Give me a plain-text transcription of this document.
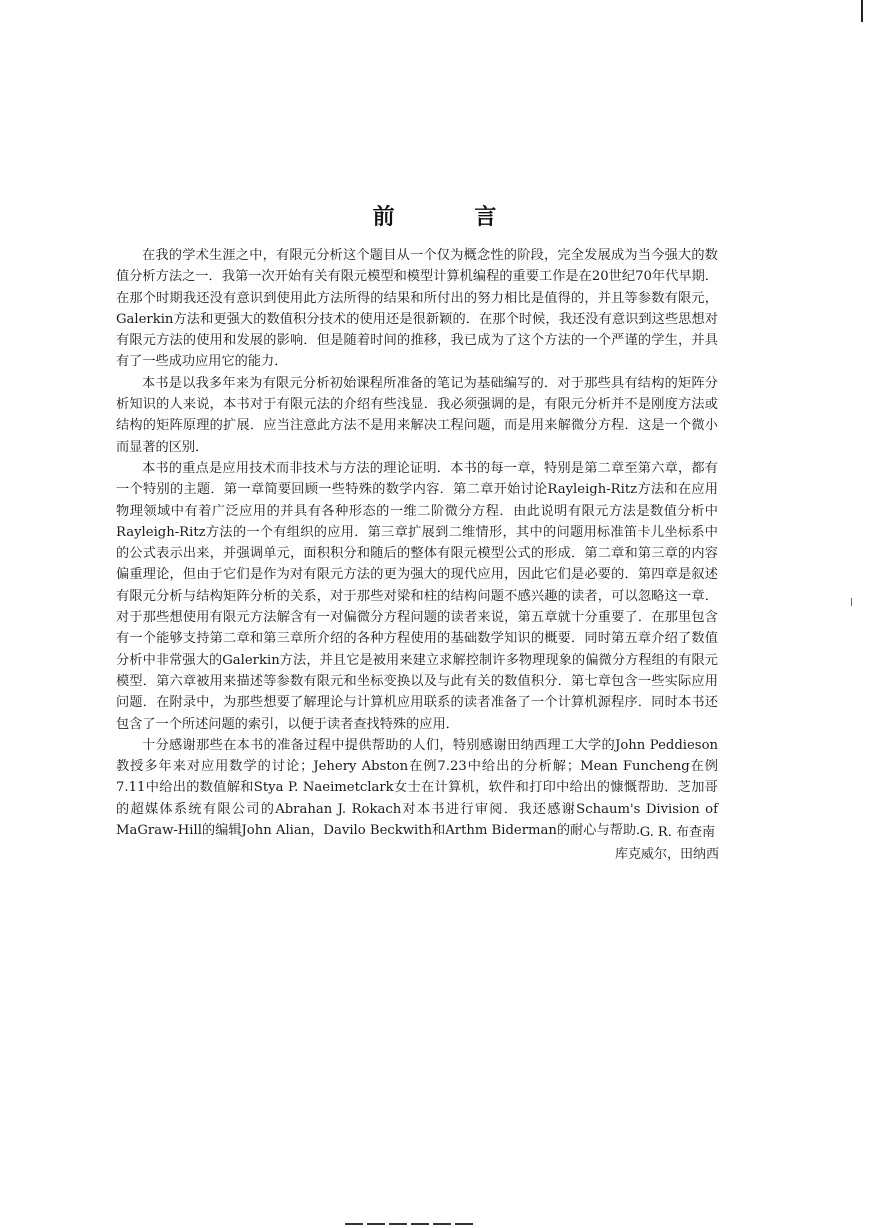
前 言

在我的学术生涯之中，有限元分析这个题目从一个仅为概念性的阶段，完全发展成为当今强大的数值分析方法之一．我第一次开始有关有限元模型和模型计算机编程的重要工作是在20世纪70年代早期．在那个时期我还没有意识到使用此方法所得的结果和所付出的努力相比是值得的，并且等参数有限元，Galerkin方法和更强大的数值积分技术的使用还是很新颖的．在那个时候，我还没有意识到这些思想对有限元方法的使用和发展的影响．但是随着时间的推移，我已成为了这个方法的一个严谨的学生，并具有了一些成功应用它的能力．

本书是以我多年来为有限元分析初始课程所准备的笔记为基础编写的．对于那些具有结构的矩阵分析知识的人来说，本书对于有限元法的介绍有些浅显．我必须强调的是，有限元分析并不是刚度方法或结构的矩阵原理的扩展．应当注意此方法不是用来解决工程问题，而是用来解微分方程．这是一个微小而显著的区别．

本书的重点是应用技术而非技术与方法的理论证明．本书的每一章，特别是第二章至第六章，都有一个特别的主题．第一章简要回顾一些特殊的数学内容．第二章开始讨论Rayleigh-Ritz方法和在应用物理领域中有着广泛应用的并具有各种形态的一维二阶微分方程．由此说明有限元方法是数值分析中Rayleigh-Ritz方法的一个有组织的应用．第三章扩展到二维情形，其中的问题用标准笛卡儿坐标系中的公式表示出来，并强调单元，面积积分和随后的整体有限元模型公式的形成．第二章和第三章的内容偏重理论，但由于它们是作为对有限元方法的更为强大的现代应用，因此它们是必要的．第四章是叙述有限元分析与结构矩阵分析的关系，对于那些对梁和柱的结构问题不感兴趣的读者，可以忽略这一章．对于那些想使用有限元方法解含有一对偏微分方程问题的读者来说，第五章就十分重要了．在那里包含有一个能够支持第二章和第三章所介绍的各种方程使用的基础数学知识的概要．同时第五章介绍了数值分析中非常强大的Galerkin方法，并且它是被用来建立求解控制许多物理现象的偏微分方程组的有限元模型．第六章被用来描述等参数有限元和坐标变换以及与此有关的数值积分．第七章包含一些实际应用问题．在附录中，为那些想要了解理论与计算机应用联系的读者准备了一个计算机源程序．同时本书还包含了一个所述问题的索引，以便于读者查找特殊的应用．

十分感谢那些在本书的准备过程中提供帮助的人们，特别感谢田纳西理工大学的John Peddieson教授多年来对应用数学的讨论；Jehery Abston在例7.23中给出的分析解；Mean Funcheng在例7.11中给出的数值解和Stya P. Naeimetclark女士在计算机，软件和打印中给出的慷慨帮助．芝加哥的超媒体系统有限公司的Abrahan J. Rokach对本书进行审阅．我还感谢Schaum's Division of MaGraw-Hill的编辑John Alian，Davilo Beckwith和Arthm Biderman的耐心与帮助．

G. R. 布查南
库克威尔，田纳西
